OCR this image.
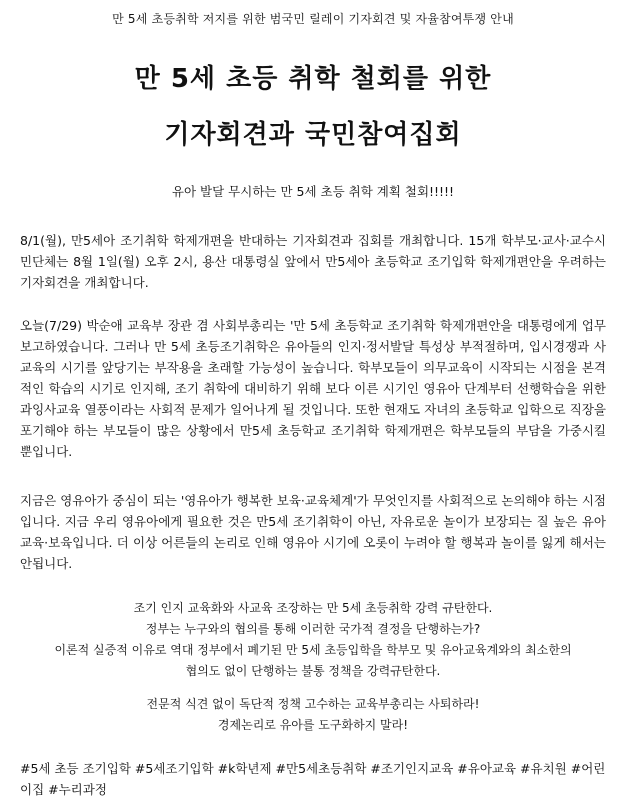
만 5세 초등취학 저지를 위한 범국민 릴레이 기자회견 및 자율참여투쟁 안내
만 5세 초등 취학 철회를 위한
기자회견과 국민참여집회
유아 발달 무시하는 만 5세 초등 취학 계획 철회!!!!!
8/1(월), 만5세아 조기취학 학제개편을 반대하는 기자회견과 집회를 개최합니다. 15개 학부모·교사·교수시민단체는 8월 1일(월) 오후 2시, 용산 대통령실 앞에서 만5세아 초등학교 조기입학 학제개편안을 우려하는 기자회견을 개최합니다.
오늘(7/29) 박순애 교육부 장관 겸 사회부총리는 '만 5세 초등학교 조기취학 학제개편안을 대통령에게 업무보고하였습니다. 그러나 만 5세 초등조기취학은 유아들의 인지·정서발달 특성상 부적절하며, 입시경쟁과 사교육의 시기를 앞당기는 부작용을 초래할 가능성이 높습니다. 학부모들이 의무교육이 시작되는 시점을 본격적인 학습의 시기로 인지해, 조기 취학에 대비하기 위해 보다 이른 시기인 영유아 단계부터 선행학습을 위한 과잉사교육 열풍이라는 사회적 문제가 일어나게 될 것입니다. 또한 현재도 자녀의 초등학교 입학으로 직장을 포기해야 하는 부모들이 많은 상황에서 만5세 초등학교 조기취학 학제개편은 학부모들의 부담을 가중시킬 뿐입니다.
지금은 영유아가 중심이 되는 '영유아가 행복한 보육·교육체계'가 무엇인지를 사회적으로 논의해야 하는 시점입니다. 지금 우리 영유아에게 필요한 것은 만5세 조기취학이 아닌, 자유로운 놀이가 보장되는 질 높은 유아교육·보육입니다. 더 이상 어른들의 논리로 인해 영유아 시기에 오롯이 누려야 할 행복과 놀이를 잃게 해서는 안됩니다.
조기 인지 교육화와 사교육 조장하는 만 5세 초등취학 강력 규탄한다.
정부는 누구와의 협의를 통해 이러한 국가적 결정을 단행하는가?
이론적 실증적 이유로 역대 정부에서 폐기된 만 5세 초등입학을 학부모 및 유아교육계와의 최소한의
협의도 없이 단행하는 불통 정책을 강력규탄한다.
전문적 식견 없이 독단적 정책 고수하는 교육부총리는 사퇴하라!
경제논리로 유아를 도구화하지 말라!
#5세 초등 조기입학 #5세조기입학 #k학년제 #만5세초등취학 #조기인지교육 #유아교육 #유치원 #어린이집 #누리과정
